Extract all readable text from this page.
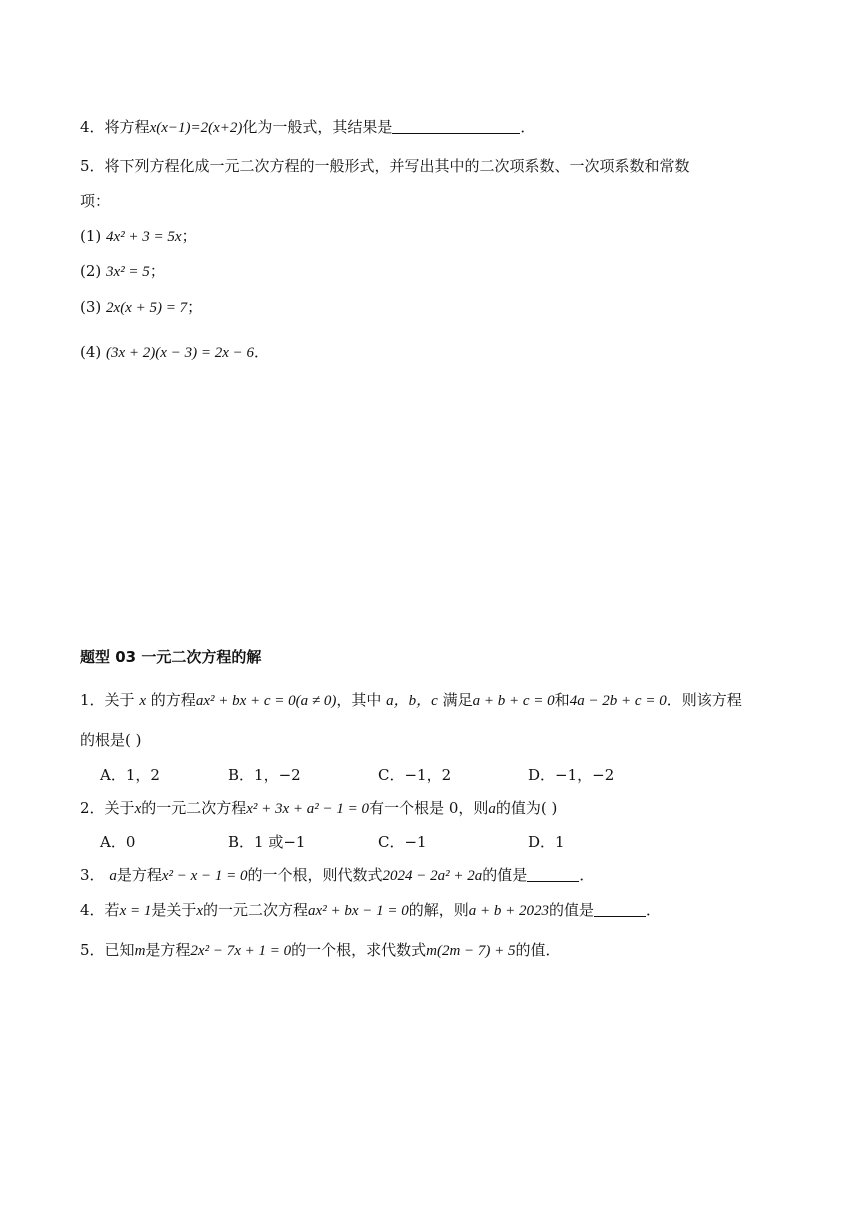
4．将方程x(x−1)=2(x+2)化为一般式，其结果是	．
5．将下列方程化成一元二次方程的一般形式，并写出其中的二次项系数、一次项系数和常数
项：
(1) 4x² + 3 = 5x；
(2) 3x² = 5；
(3) 2x(x + 5) = 7；
(4) (3x + 2)(x − 3) = 2x − 6．
题型 03 一元二次方程的解
1．关于 x 的方程ax² + bx + c = 0(a ≠ 0)，其中 a，b，c 满足a + b + c = 0和4a − 2b + c = 0．则该方程
的根是( )
A．1，2	B．1，−2	C．−1，2	D．−1，−2
2．关于x的一元二次方程x² + 3x + a² − 1 = 0有一个根是 0，则a的值为( )
A．0	B．1 或−1	C．−1	D．1
3． a是方程x² − x − 1 = 0的一个根，则代数式2024 − 2a² + 2a的值是	．
4．若x = 1是关于x的一元二次方程ax² + bx − 1 = 0的解，则a + b + 2023的值是	．
5．已知m是方程2x² − 7x + 1 = 0的一个根，求代数式m(2m − 7) + 5的值．
